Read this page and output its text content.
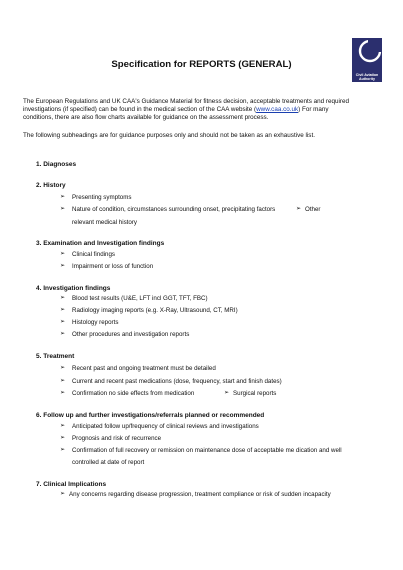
Civil Aviation
Authority
Specification for REPORTS (GENERAL)
The European Regulations and UK CAA's Guidance Material for fitness decision, acceptable treatments and required
investigations (if specified) can be found in the medical section of the CAA website (www.caa.co.uk) For many
conditions, there are also flow charts available for guidance on the assessment process.
The following subheadings are for guidance purposes only and should not be taken as an exhaustive list.
1. Diagnoses
2. History
➢ Presenting symptoms
➢ Nature of condition, circumstances surrounding onset, precipitating factors	➢ Other
relevant medical history
3. Examination and Investigation findings
➢ Clinical findings
➢ Impairment or loss of function
4. Investigation findings
➢ Blood test results (U&E, LFT incl GGT, TFT, FBC)
➢ Radiology imaging reports (e.g. X-Ray, Ultrasound, CT, MRI)
➢ Histology reports
➢ Other procedures and investigation reports
5. Treatment
➢ Recent past and ongoing treatment must be detailed
➢ Current and recent past medications (dose, frequency, start and finish dates)
➢ Confirmation no side effects from medication	➢ Surgical reports
6. Follow up and further investigations/referrals planned or recommended
➢ Anticipated follow up/frequency of clinical reviews and investigations
➢ Prognosis and risk of recurrence
➢ Confirmation of full recovery or remission on maintenance dose of acceptable me dication and well
controlled at date of report
7. Clinical Implications
➢ Any concerns regarding disease progression, treatment compliance or risk of sudden incapacity
